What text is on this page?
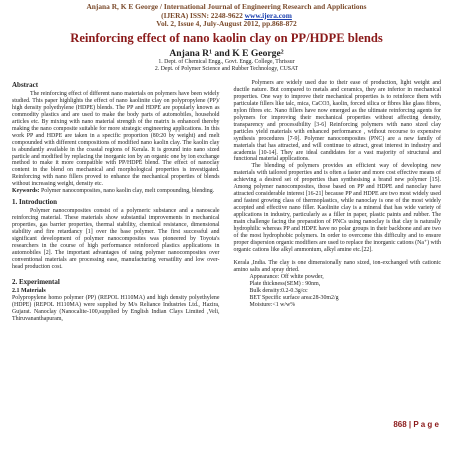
Anjana R, K E George / International Journal of Engineering Research and Applications
(IJERA) ISSN: 2248-9622 www.ijera.com
Vol. 2, Issue 4, July-August 2012, pp.868-872
Reinforcing effect of nano kaolin clay on PP/HDPE blends
Anjana R¹ and K E George²
1. Dept. of Chemical Engg., Govt. Engg. College, Thrissur
2. Dept. of Polymer Science and Rubber Technology, CUSAT
Abstract

The reinforcing effect of different nano materials on polymers have been widely studied. This paper highlights the effect of nano kaolinite clay on polypropylene (PP)/ high density polyethylene (HDPE) blends. The PP and HDPE are popularly known as commodity plastics and are used to make the body parts of automobiles, household articles etc. By mixing with nano material strength of the matrix is enhanced thereby making the nano composite suitable for more strategic engineering applications. In this work PP and HDPE are taken in a specific proportion (80:20 by weight) and melt compounded with different compositions of modified nano kaolin clay. The kaolin clay is abundantly available in the coastal regions of Kerala. It is ground into nano sized particle and modified by replacing the inorganic ion by an organic one by ion exchange method to make it more compatible with PP/HDPE blend. The effect of nanoclay content in the blend on mechanical and morphological properties is investigated. Reinforcing with nano fillers proved to enhance the mechanical properties of blends without increasing weight, density etc.

Keywords: Polymer nanocomposites, nano kaolin clay, melt compounding, blending.

1. Introduction

Polymer nanocomposites consist of a polymeric substance and a nanoscale reinforcing material. These materials show substantial improvements in mechanical properties, gas barrier properties, thermal stability, chemical resistance, dimensional stability and fire retardancy [1] over the base polymer. The first successful and significant development of polymer nanocomposites was pioneered by Toyota's researchers in the course of high performance reinforced plastics applications in automobiles [2]. The important advantages of using polymer nanocomposites over conventional materials are processing ease, manufacturing versatility and low over-head production cost.

2. Experimental
2.1 Materials

Polypropylene homo polymer (PP) (REPOL H110MA) and high density polyethylene (HDPE) (REPOL H110MA) were supplied by M/s Reliance Industries Ltd., Hazira, Gujarat. Nanoclay (Nanocalite-100,supplied by English Indian Clays Limited ,Veli, Thiruvananthapuram,

Polymers are widely used due to their ease of production, light weight and ductile nature. But compared to metals and ceramics, they are inferior in mechanical properties. One way to improve their mechanical properties is to reinforce them with particulate fillers like talc, mica, CaCO3, kaolin, forced silica or fibres like glass fibres, nylon fibres etc. Nano fillers have now emerged as the ultimate reinforcing agents for polymers for improving their mechanical properties without affecting density, transparency and processibility [3-6] Reinforcing polymers with nano sized clay particles yield materials with enhanced performance , without recourse to expensive synthesis procedures [7-9]. Polymer nanocomposites (PNC) are a new family of materials that has attracted, and will continue to attract, great interest in industry and academia [10-14]. They are ideal candidates for a vast majority of structural and functional material applications.

The blending of polymers provides an efficient way of developing new materials with tailored properties and is often a faster and more cost effective means of achieving a desired set of properties than synthesising a brand new polymer [15]. Among polymer nanocomposites, those based on PP and HDPE and nanoclay have attracted considerable interest [16-21] because PP and HDPE are two most widely used and fastest growing class of thermoplastics, while nanoclay is one of the most widely accepted and effective nano filler. Kaolinite clay is a mineral that has wide variety of applications in industry, particularly as a filler in paper, plastic paints and rubber. The main challenge facing the preparation of PNCs using nanoclay is that clay is naturally hydrophilic whereas PP and HDPE have no polar groups in their backbone and are two of the most hydrophobic polymers. In order to overcome this difficulty and to ensure proper dispersion organic modifiers are used to replace the inorganic cations (Na⁺) with organic cations like alkyl ammonium, alkyl amine etc.[22].

Kerala ,India. The clay is one dimensionally nano sized, ion-exchanged with cationic amino salts and spray dried.

Appearance: Off white powder,
Plate thickness(SEM) : 90nm,
Bulk density:0.2-0.3g/cc
BET Specific surface area:28-30m2/g
Moisture:<1 w/w%
868 | P a g e
